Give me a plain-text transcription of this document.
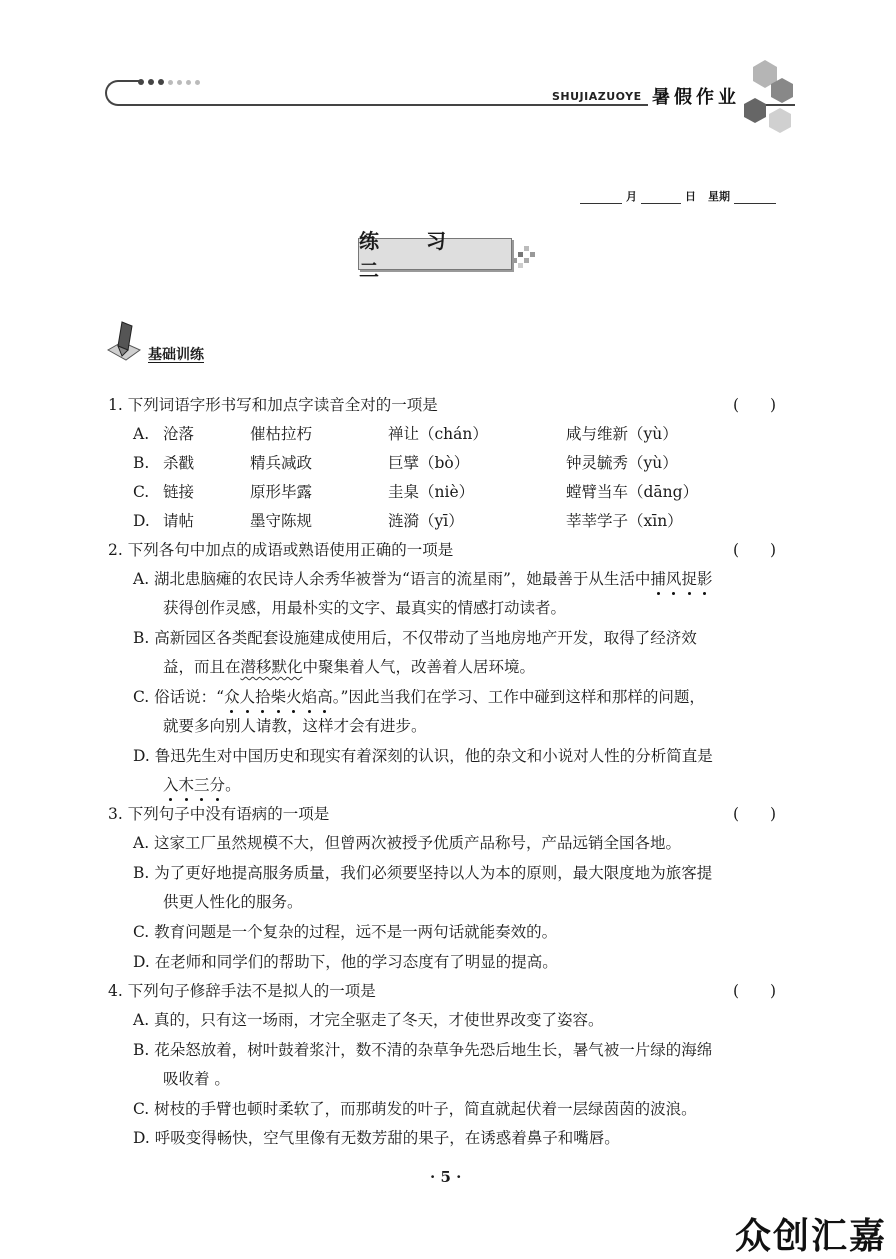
SHUJIAZUOYE 暑假作业
月	日 星期
练 习 二
基础训练
1. 下列词语字形书写和加点字读音全对的一项是	(　　)
A. 沧落	催枯拉朽	禅让（chán）	咸与维新（yù）
B. 杀戳	精兵减政	巨擘（bò）	钟灵毓秀（yù）
C. 链接	原形毕露	圭臬（niè）	螳臂当车（dāng）
D. 请帖	墨守陈规	涟漪（yī）	莘莘学子（xīn）
2. 下列各句中加点的成语或熟语使用正确的一项是	(　　)
A. 湖北患脑瘫的农民诗人余秀华被誉为“语言的流星雨”，她最善于从生活中捕风捉影
获得创作灵感，用最朴实的文字、最真实的情感打动读者。
B. 高新园区各类配套设施建成使用后，不仅带动了当地房地产开发，取得了经济效
益，而且在潜移默化中聚集着人气，改善着人居环境。
C. 俗话说：“众人拾柴火焰高。”因此当我们在学习、工作中碰到这样和那样的问题，
就要多向别人请教，这样才会有进步。
D. 鲁迅先生对中国历史和现实有着深刻的认识，他的杂文和小说对人性的分析简直是
入木三分。
3. 下列句子中没有语病的一项是	(　　)
A. 这家工厂虽然规模不大，但曾两次被授予优质产品称号，产品远销全国各地。
B. 为了更好地提高服务质量，我们必须要坚持以人为本的原则，最大限度地为旅客提
供更人性化的服务。
C. 教育问题是一个复杂的过程，远不是一两句话就能奏效的。
D. 在老师和同学们的帮助下，他的学习态度有了明显的提高。
4. 下列句子修辞手法不是拟人的一项是	(　　)
A. 真的，只有这一场雨，才完全驱走了冬天，才使世界改变了姿容。
B. 花朵怒放着，树叶鼓着浆汁，数不清的杂草争先恐后地生长，暑气被一片绿的海绵
吸收着 。
C. 树枝的手臂也顿时柔软了，而那萌发的叶子，简直就起伏着一层绿茵茵的波浪。
D. 呼吸变得畅快，空气里像有无数芳甜的果子，在诱惑着鼻子和嘴唇。
· 5 ·
众创汇嘉
